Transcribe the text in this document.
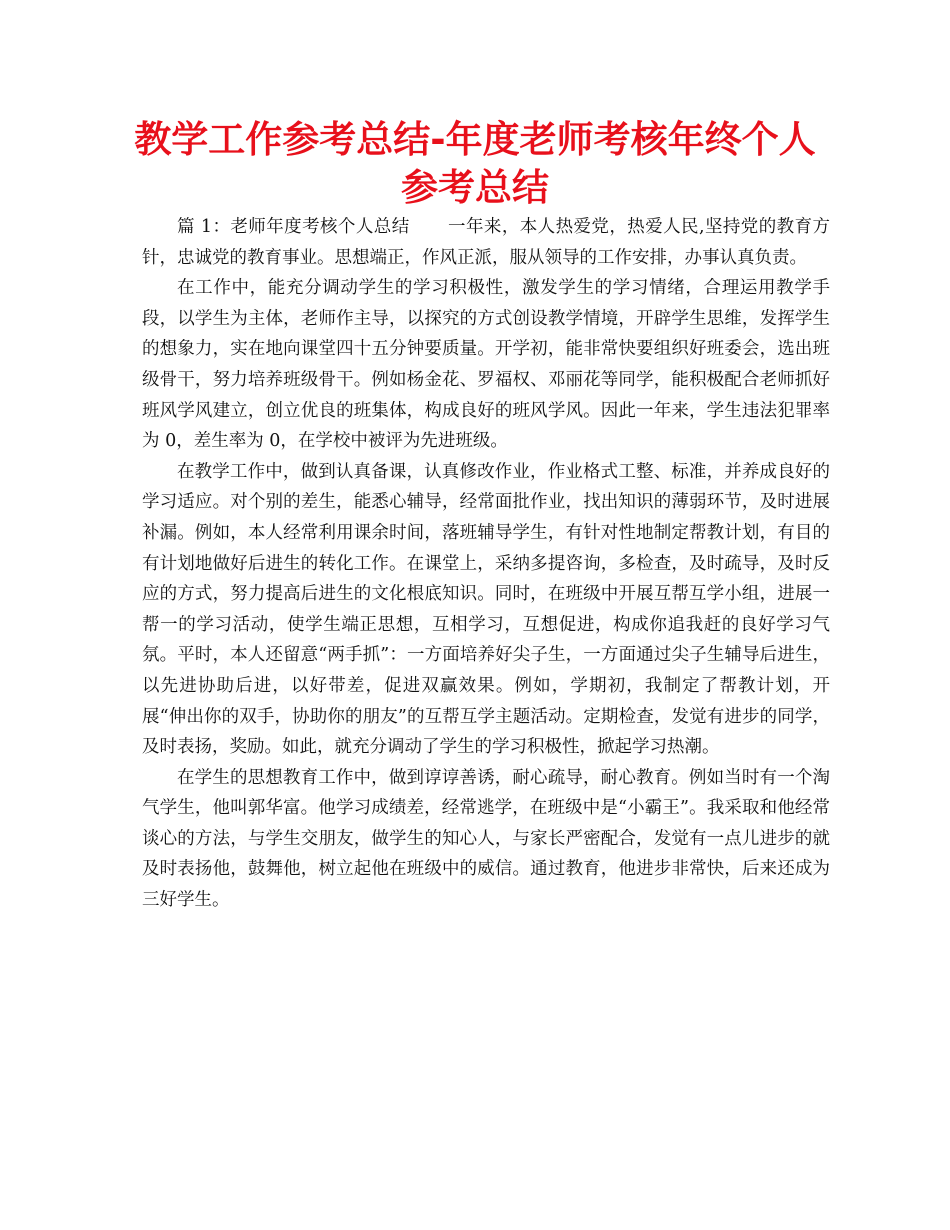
教学工作参考总结-年度老师考核年终个人参考总结

篇 1：老师年度考核个人总结 一年来，本人热爱党，热爱人民,坚持党的教育方针，忠诚党的教育事业。思想端正，作风正派，服从领导的工作安排，办事认真负责。

在工作中，能充分调动学生的学习积极性，激发学生的学习情绪，合理运用教学手段，以学生为主体，老师作主导，以探究的方式创设教学情境，开辟学生思维，发挥学生的想象力，实在地向课堂四十五分钟要质量。开学初，能非常快要组织好班委会，选出班级骨干，努力培养班级骨干。例如杨金花、罗福权、邓丽花等同学，能积极配合老师抓好班风学风建立，创立优良的班集体，构成良好的班风学风。因此一年来，学生违法犯罪率为 0，差生率为 0，在学校中被评为先进班级。

在教学工作中，做到认真备课，认真修改作业，作业格式工整、标准，并养成良好的学习适应。对个别的差生，能悉心辅导，经常面批作业，找出知识的薄弱环节，及时进展补漏。例如，本人经常利用课余时间，落班辅导学生，有针对性地制定帮教计划，有目的有计划地做好后进生的转化工作。在课堂上，采纳多提咨询，多检查，及时疏导，及时反应的方式，努力提高后进生的文化根底知识。同时，在班级中开展互帮互学小组，进展一帮一的学习活动，使学生端正思想，互相学习，互想促进，构成你追我赶的良好学习气氛。平时，本人还留意“两手抓”：一方面培养好尖子生，一方面通过尖子生辅导后进生，以先进协助后进，以好带差，促进双赢效果。例如，学期初，我制定了帮教计划，开展“伸出你的双手，协助你的朋友”的互帮互学主题活动。定期检查，发觉有进步的同学，及时表扬，奖励。如此，就充分调动了学生的学习积极性，掀起学习热潮。

在学生的思想教育工作中，做到谆谆善诱，耐心疏导，耐心教育。例如当时有一个淘气学生，他叫郭华富。他学习成绩差，经常逃学，在班级中是“小霸王”。我采取和他经常谈心的方法，与学生交朋友，做学生的知心人，与家长严密配合，发觉有一点儿进步的就及时表扬他，鼓舞他，树立起他在班级中的威信。通过教育，他进步非常快，后来还成为三好学生。
